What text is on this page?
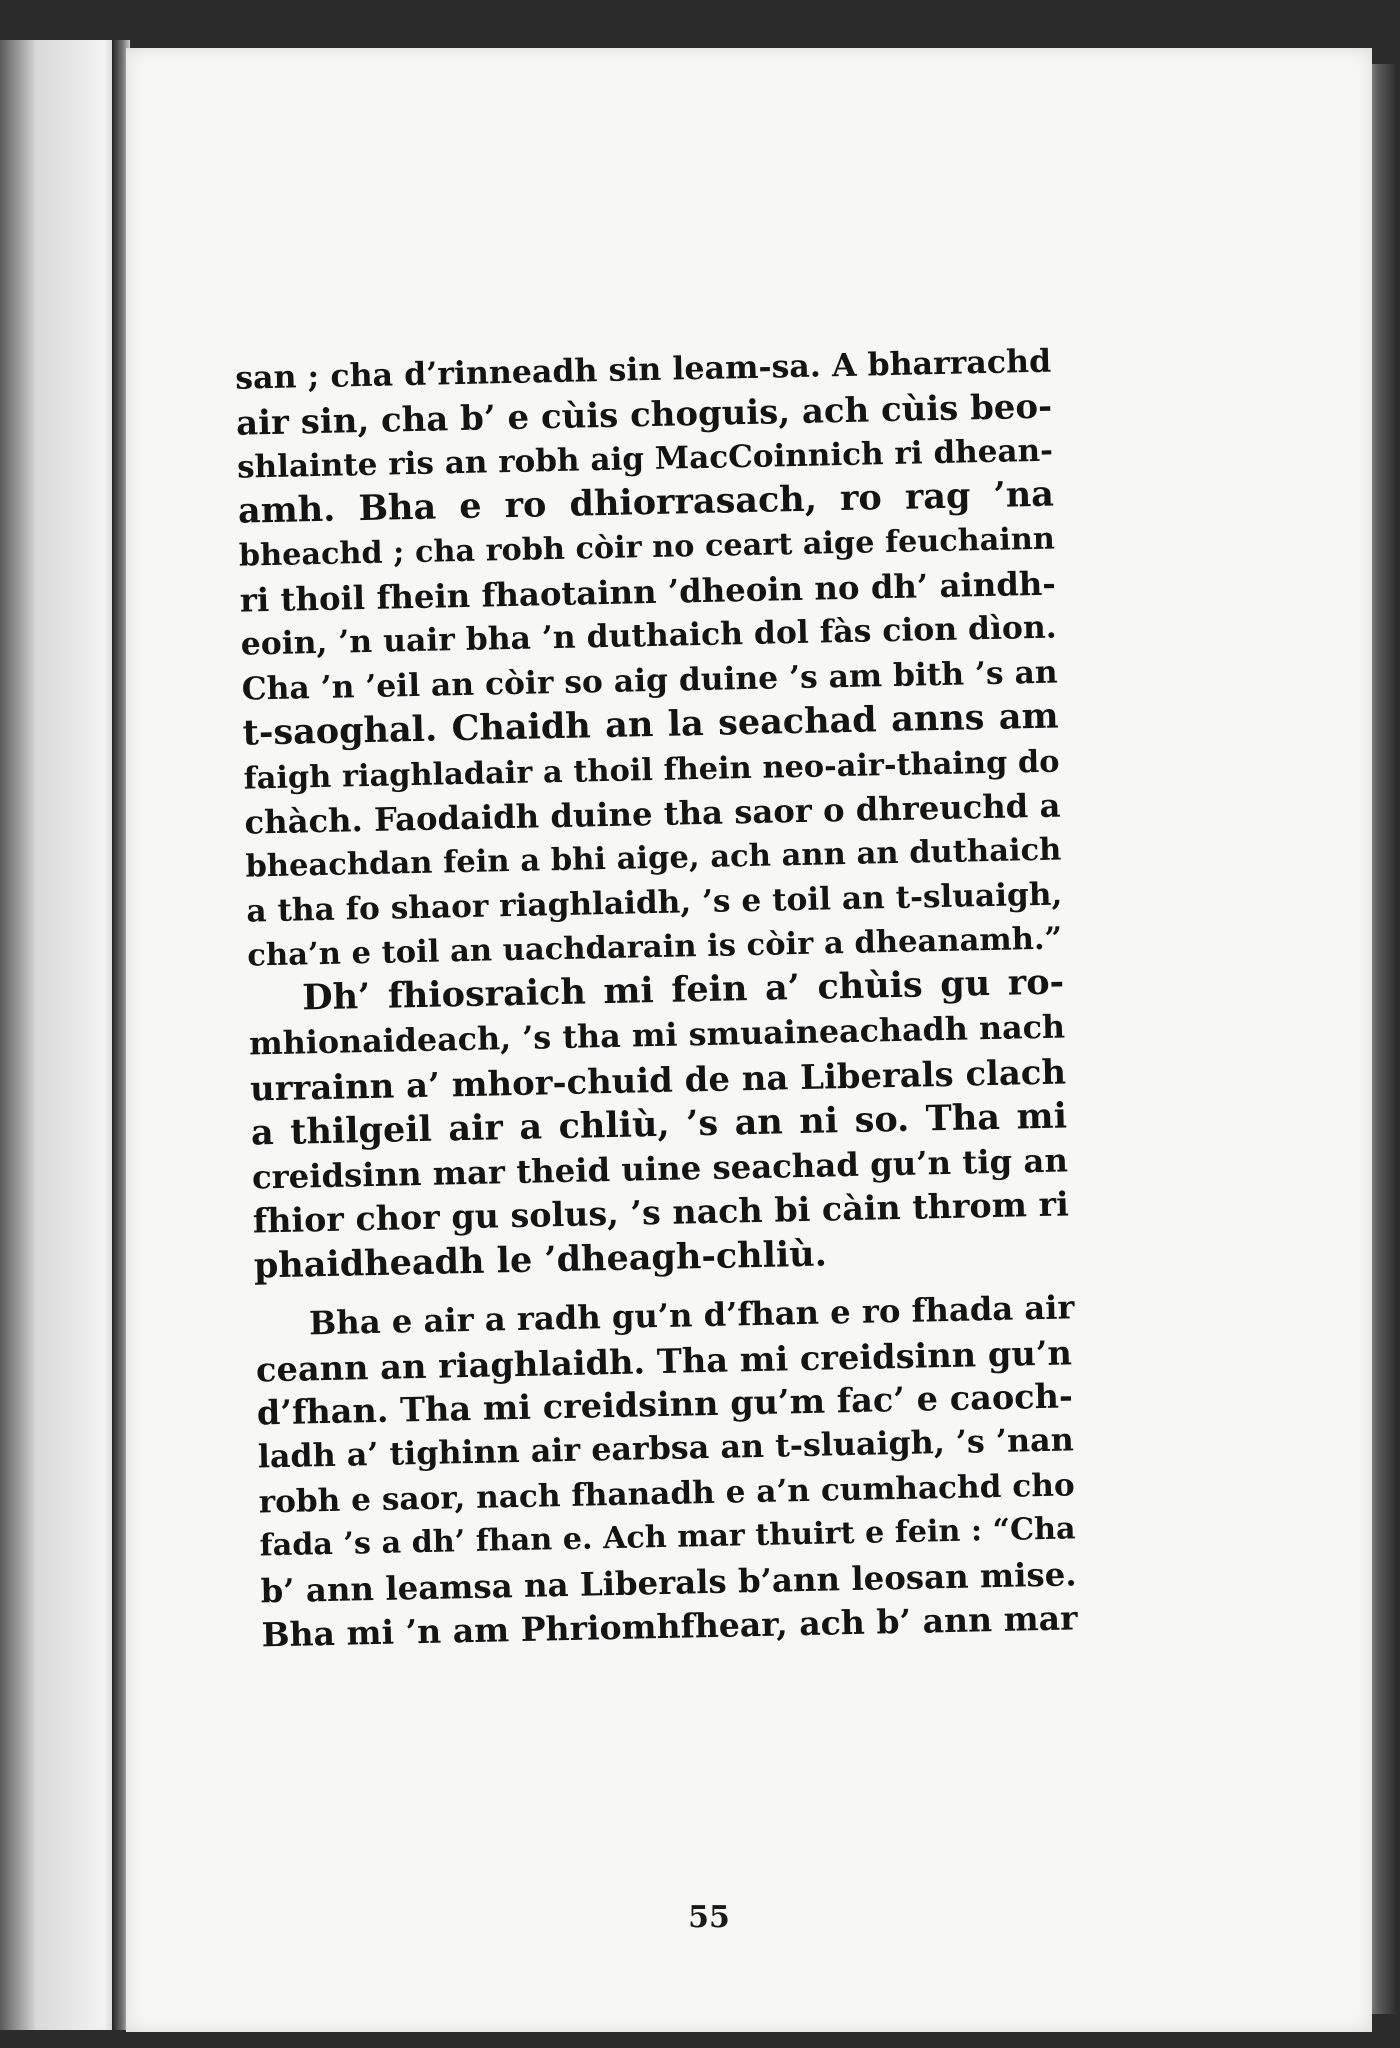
san ; cha d’rinneadh sin leam-sa. A bharrachd
air sin, cha b’ e cùis choguis, ach cùis beo-
shlainte ris an robh aig MacCoinnich ri dhean-
amh. Bha e ro dhiorrasach, ro rag ’na
bheachd ; cha robh còir no ceart aige feuchainn
ri thoil fhein fhaotainn ’dheoin no dh’ aindh-
eoin, ’n uair bha ’n duthaich dol fàs cion dìon.
Cha ’n ’eil an còir so aig duine ’s am bith ’s an
t-saoghal. Chaidh an la seachad anns am
faigh riaghladair a thoil fhein neo-air-thaing do
chàch. Faodaidh duine tha saor o dhreuchd a
bheachdan fein a bhi aige, ach ann an duthaich
a tha fo shaor riaghlaidh, ’s e toil an t-sluaigh,
cha’n e toil an uachdarain is còir a dheanamh.”
Dh’ fhiosraich mi fein a’ chùis gu ro-
mhionaideach, ’s tha mi smuaineachadh nach
urrainn a’ mhor-chuid de na Liberals clach
a thilgeil air a chliù, ’s an ni so. Tha mi
creidsinn mar theid uine seachad gu’n tig an
fhior chor gu solus, ’s nach bi càin throm ri
phaidheadh le ’dheagh-chliù.
Bha e air a radh gu’n d’fhan e ro fhada air
ceann an riaghlaidh. Tha mi creidsinn gu’n
d’fhan. Tha mi creidsinn gu’m fac’ e caoch-
ladh a’ tighinn air earbsa an t-sluaigh, ’s ’nan
robh e saor, nach fhanadh e a’n cumhachd cho
fada ’s a dh’ fhan e. Ach mar thuirt e fein : “Cha
b’ ann leamsa na Liberals b’ann leosan mise.
Bha mi ’n am Phriomhfhear, ach b’ ann mar
55
